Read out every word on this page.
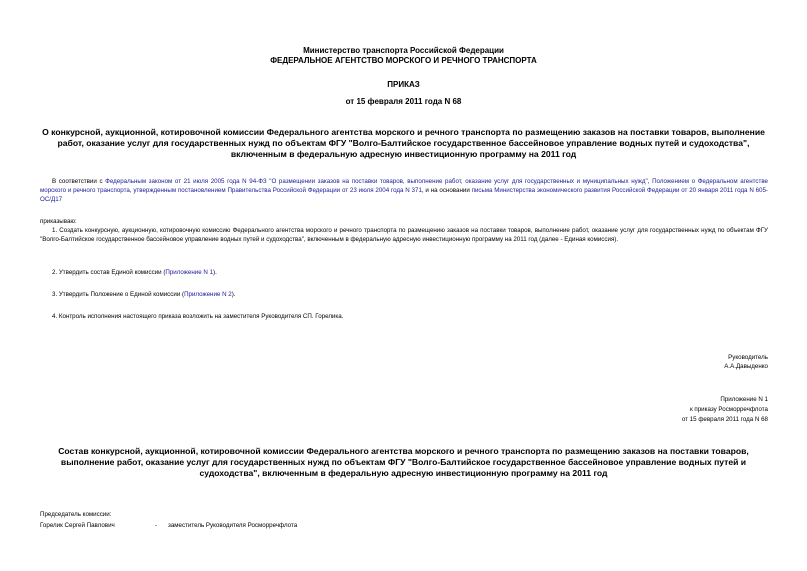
Министерство транспорта Российской Федерации
ФЕДЕРАЛЬНОЕ АГЕНТСТВО МОРСКОГО И РЕЧНОГО ТРАНСПОРТА
ПРИКАЗ
от 15 февраля 2011 года N 68
О конкурсной, аукционной, котировочной комиссии Федерального агентства морского и речного транспорта по размещению заказов на поставки товаров, выполнение работ, оказание услуг для государственных нужд по объектам ФГУ "Волго-Балтийское государственное бассейновое управление водных путей и судоходства", включенным в федеральную адресную инвестиционную программу на 2011 год
В соответствии с Федеральным законом от 21 июля 2005 года N 94-ФЗ "О размещении заказов на поставки товаров, выполнение работ, оказание услуг для государственных и муниципальных нужд", Положением о Федеральном агентстве морского и речного транспорта, утвержденным постановлением Правительства Российской Федерации от 23 июля 2004 года N 371, и на основании письма Министерства экономического развития Российской Федерации от 20 января 2011 года N 605-ОС/Д17
приказываю:
1. Создать конкурсную, аукционную, котировочную комиссию Федерального агентства морского и речного транспорта по размещению заказов на поставки товаров, выполнение работ, оказание услуг для государственных нужд по объектам ФГУ "Волго-Балтийское государственное бассейновое управление водных путей и судоходства", включенным в федеральную адресную инвестиционную программу на 2011 год (далее - Единая комиссия).
2. Утвердить состав Единой комиссии (Приложение N 1).
3. Утвердить Положение о Единой комиссии (Приложение N 2).
4. Контроль исполнения настоящего приказа возложить на заместителя Руководителя СП. Горелика.
Руководитель
А.А.Давыденко
Приложение N 1
к приказу Росморречфлота
от 15 февраля 2011 года N 68
Состав конкурсной, аукционной, котировочной комиссии Федерального агентства морского и речного транспорта по размещению заказов на поставки товаров, выполнение работ, оказание услуг для государственных нужд по объектам ФГУ "Волго-Балтийское государственное бассейновое управление водных путей и судоходства", включенным в федеральную адресную инвестиционную программу на 2011 год
Председатель комиссии:
Горелик Сергей Павлович	- заместитель Руководителя Росморречфлота
